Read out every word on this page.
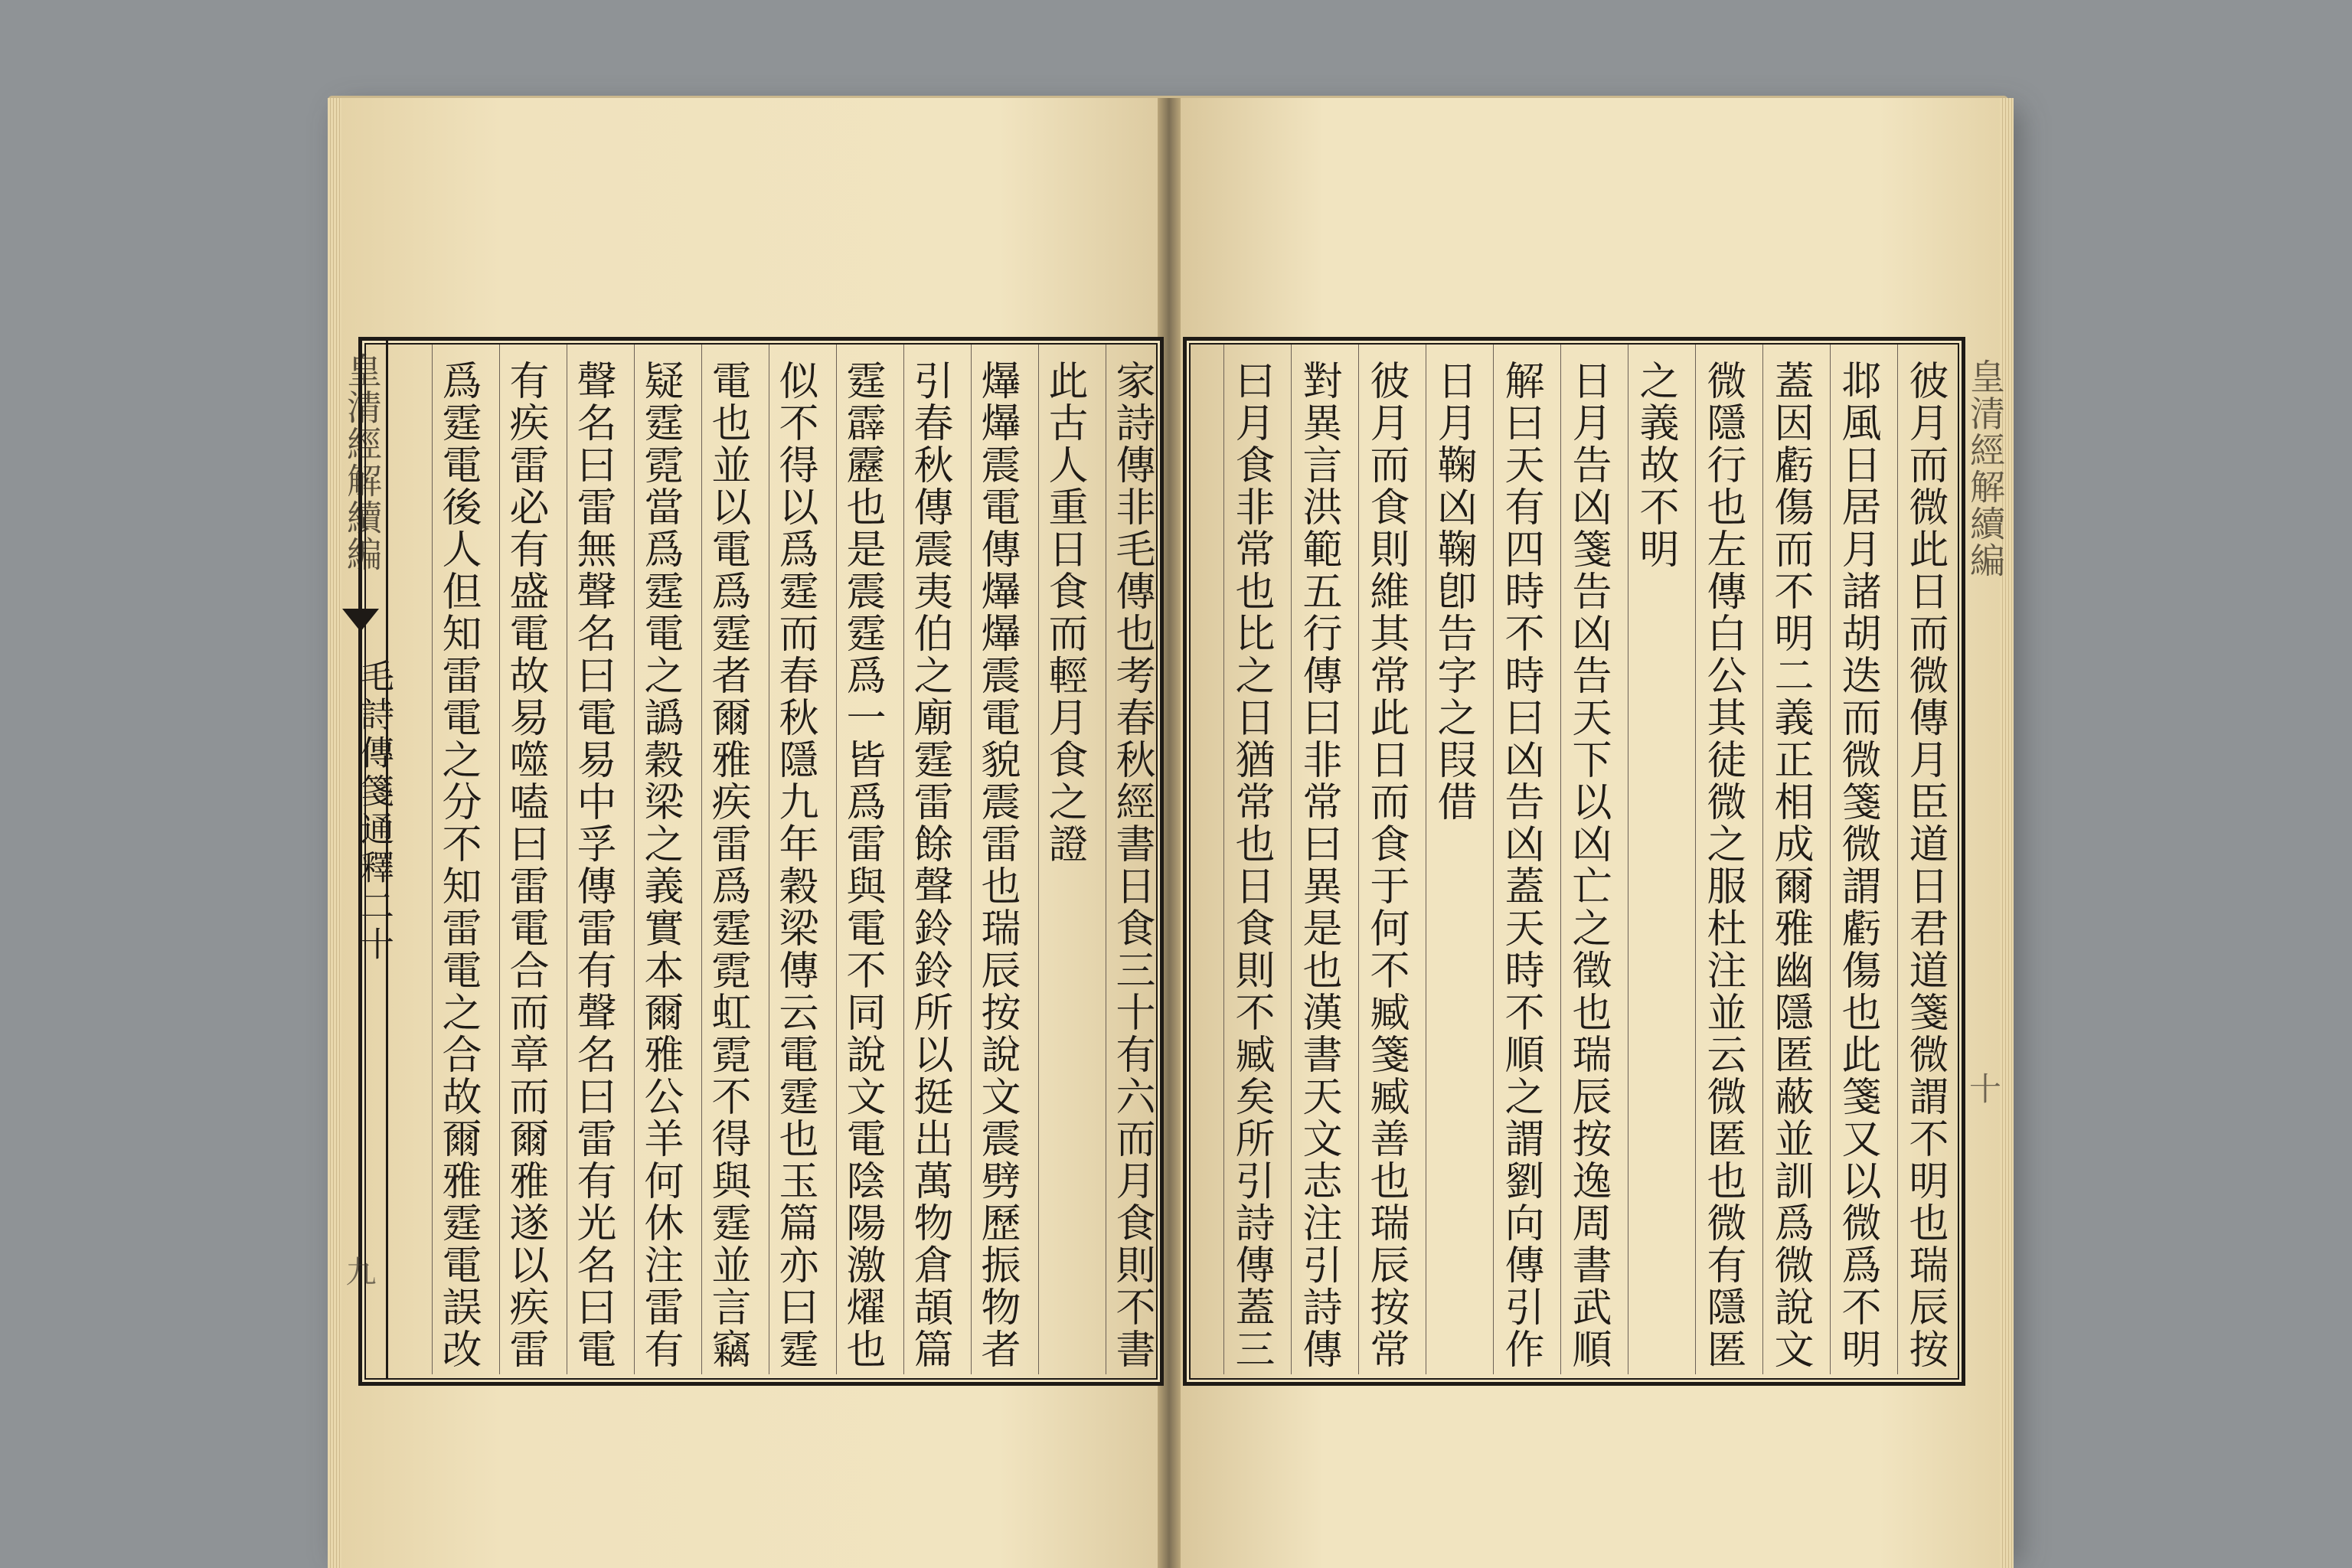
皇清經解續編
毛詩傳箋通釋二十
九	家詩傳非毛傳也考春秋經書日食三十有六而月食則不書
此古人重日食而輕月食之證
爗爗震電傳爗爗震電貌震雷也瑞辰按說文震劈歷振物者
引春秋傳震夷伯之廟霆雷餘聲鈴鈴所以挺出萬物倉頡篇
霆霹靂也是震霆爲一皆爲雷與電不同說文電陰陽激燿也
似不得以爲霆而春秋隱九年穀梁傳云電霆也玉篇亦曰霆
電也並以電爲霆者爾雅疾雷爲霆霓虹霓不得與霆並言竊
疑霆霓當爲霆電之譌穀梁之義實本爾雅公羊何休注雷有
聲名曰雷無聲名曰電易中孚傳雷有聲名曰雷有光名曰電
有疾雷必有盛電故易噬嗑曰雷電合而章而爾雅遂以疾雷
爲霆電後人但知雷電之分不知雷電之合故爾雅霆電誤改	皇清經解續編
十
彼月而微此日而微傳月臣道日君道箋微謂不明也瑞辰按
邶風日居月諸胡迭而微箋微謂虧傷也此箋又以微爲不明
蓋因虧傷而不明二義正相成爾雅幽隱匿蔽並訓爲微說文
微隱行也左傳白公其徒微之服杜注並云微匿也微有隱匿
之義故不明
日月告凶箋告凶告天下以凶亡之徵也瑞辰按逸周書武順
解曰天有四時不時曰凶告凶蓋天時不順之謂劉向傳引作
日月鞠凶鞠卽告字之叚借
彼月而食則維其常此日而食于何不臧箋臧善也瑞辰按常
對異言洪範五行傳曰非常曰異是也漢書天文志注引詩傳
曰月食非常也比之日猶常也日食則不臧矣所引詩傳蓋三
